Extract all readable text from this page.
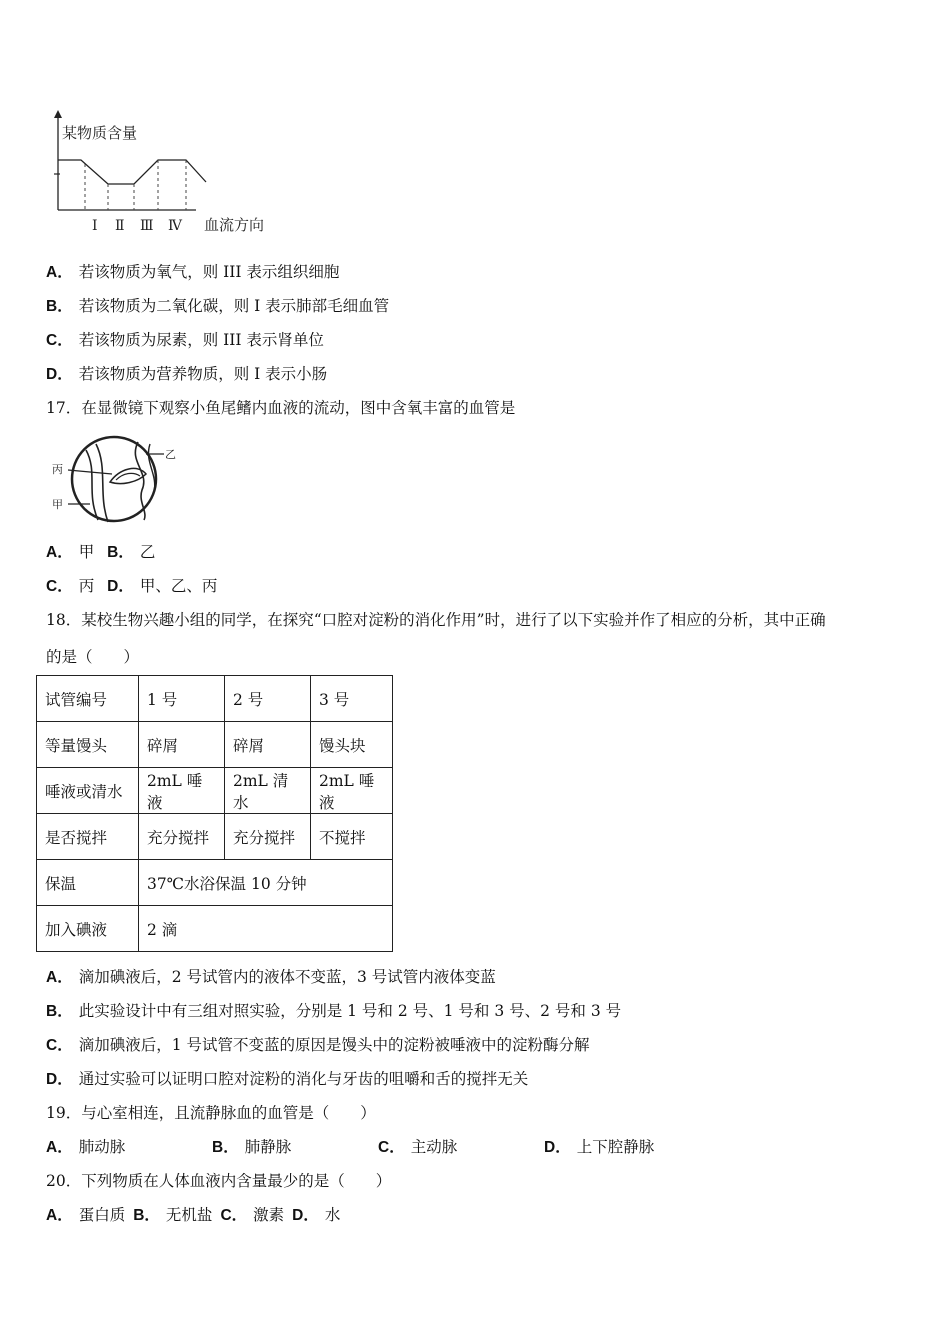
某物质含量
Ⅰ Ⅱ Ⅲ Ⅳ 血流方向
A． 若该物质为氧气，则 III 表示组织细胞
B． 若该物质为二氧化碳，则 I 表示肺部毛细血管
C． 若该物质为尿素，则 III 表示肾单位
D． 若该物质为营养物质，则 I 表示小肠
17．在显微镜下观察小鱼尾鳍内血液的流动，图中含氧丰富的血管是
乙
丙
甲
A． 甲 B． 乙
C． 丙 D． 甲、乙、丙
18．某校生物兴趣小组的同学，在探究“口腔对淀粉的消化作用”时，进行了以下实验并作了相应的分析，其中正确
的是（　　）
试管编号	1 号	2 号	3 号
等量馒头	碎屑	碎屑	馒头块
唾液或清水	2mL 唾液	2mL 清水	2mL 唾液
是否搅拌	充分搅拌	充分搅拌	不搅拌
保温	37℃水浴保温 10 分钟		
加入碘液	2 滴		
A． 滴加碘液后，2 号试管内的液体不变蓝，3 号试管内液体变蓝
B． 此实验设计中有三组对照实验，分别是 1 号和 2 号、1 号和 3 号、2 号和 3 号
C． 滴加碘液后，1 号试管不变蓝的原因是馒头中的淀粉被唾液中的淀粉酶分解
D． 通过实验可以证明口腔对淀粉的消化与牙齿的咀嚼和舌的搅拌无关
19．与心室相连，且流静脉血的血管是（　　）
A． 肺动脉	B． 肺静脉	C． 主动脉	D． 上下腔静脉
20．下列物质在人体血液内含量最少的是（　　）
A． 蛋白质 B． 无机盐 C． 激素 D． 水
